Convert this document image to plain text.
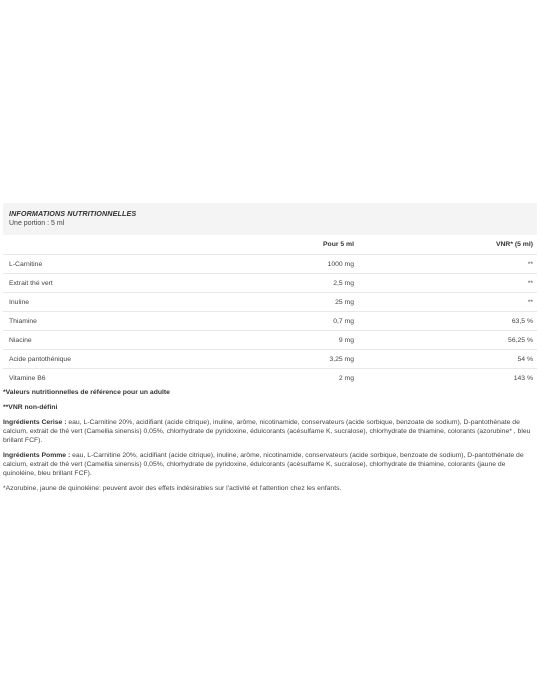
INFORMATIONS NUTRITIONNELLES
Une portion : 5 ml
	Pour 5 ml	VNR* (5 ml)
L-Carnitine	1000 mg	**
Extrait thé vert	2,5 mg	**
Inuline	25 mg	**
Thiamine	0,7 mg	63,5 %
Niacine	9 mg	56,25 %
Acide pantothénique	3,25 mg	54 %
Vitamine B6	2 mg	143 %

*Valeurs nutritionnelles de référence pour un adulte

**VNR non-défini

Ingrédients Cerise : eau, L-Carnitine 20%, acidifiant (acide citrique), inuline, arôme, nicotinamide, conservateurs (acide sorbique, benzoate de sodium), D-pantothénate de calcium, extrait de thé vert (Camellia sinensis) 0,05%, chlorhydrate de pyridoxine, édulcorants (acésulfame K, sucralose), chlorhydrate de thiamine, colorants (azorubine* , bleu brillant FCF).

Ingrédients Pomme : eau, L-Carnitine 20%, acidifiant (acide citrique), inuline, arôme, nicotinamide, conservateurs (acide sorbique, benzoate de sodium), D-pantothénate de calcium, extrait de thé vert (Camellia sinensis) 0,05%, chlorhydrate de pyridoxine, édulcorants (acésulfame K, sucralose), chlorhydrate de thiamine, colorants (jaune de quinoléine, bleu brillant FCF).

*Azorubine, jaune de quinoléine: peuvent avoir des effets indésirables sur l'activité et l'attention chez les enfants.
